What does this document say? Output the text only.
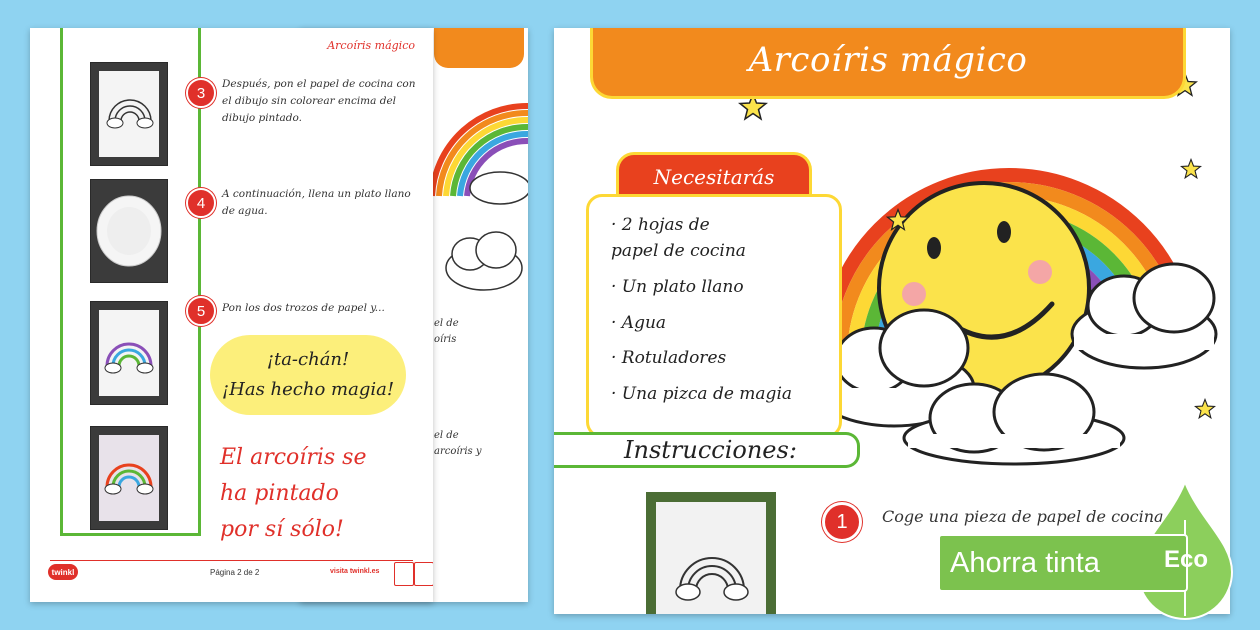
el de
oíris
el de
arcoíris y
Arcoíris mágico
3
Después, pon el papel de cocina con el dibujo sin colorear encima del dibujo pintado.
4
A continuación, llena un plato llano de agua.
5	Pon los dos trozos de papel y...
¡ta-chán!
¡Has hecho magia!
El arcoíris se
ha pintado
por sí sólo!
twinkl	Página 2 de 2	visita twinkl.es
Arcoíris mágico
Necesitarás
· 2 hojas de
papel de cocina
· Un plato llano
· Agua
· Rotuladores
· Una pizca de magia
Instrucciones:
1	Coge una pieza de papel de cocina
Ahorra tinta	Eco
